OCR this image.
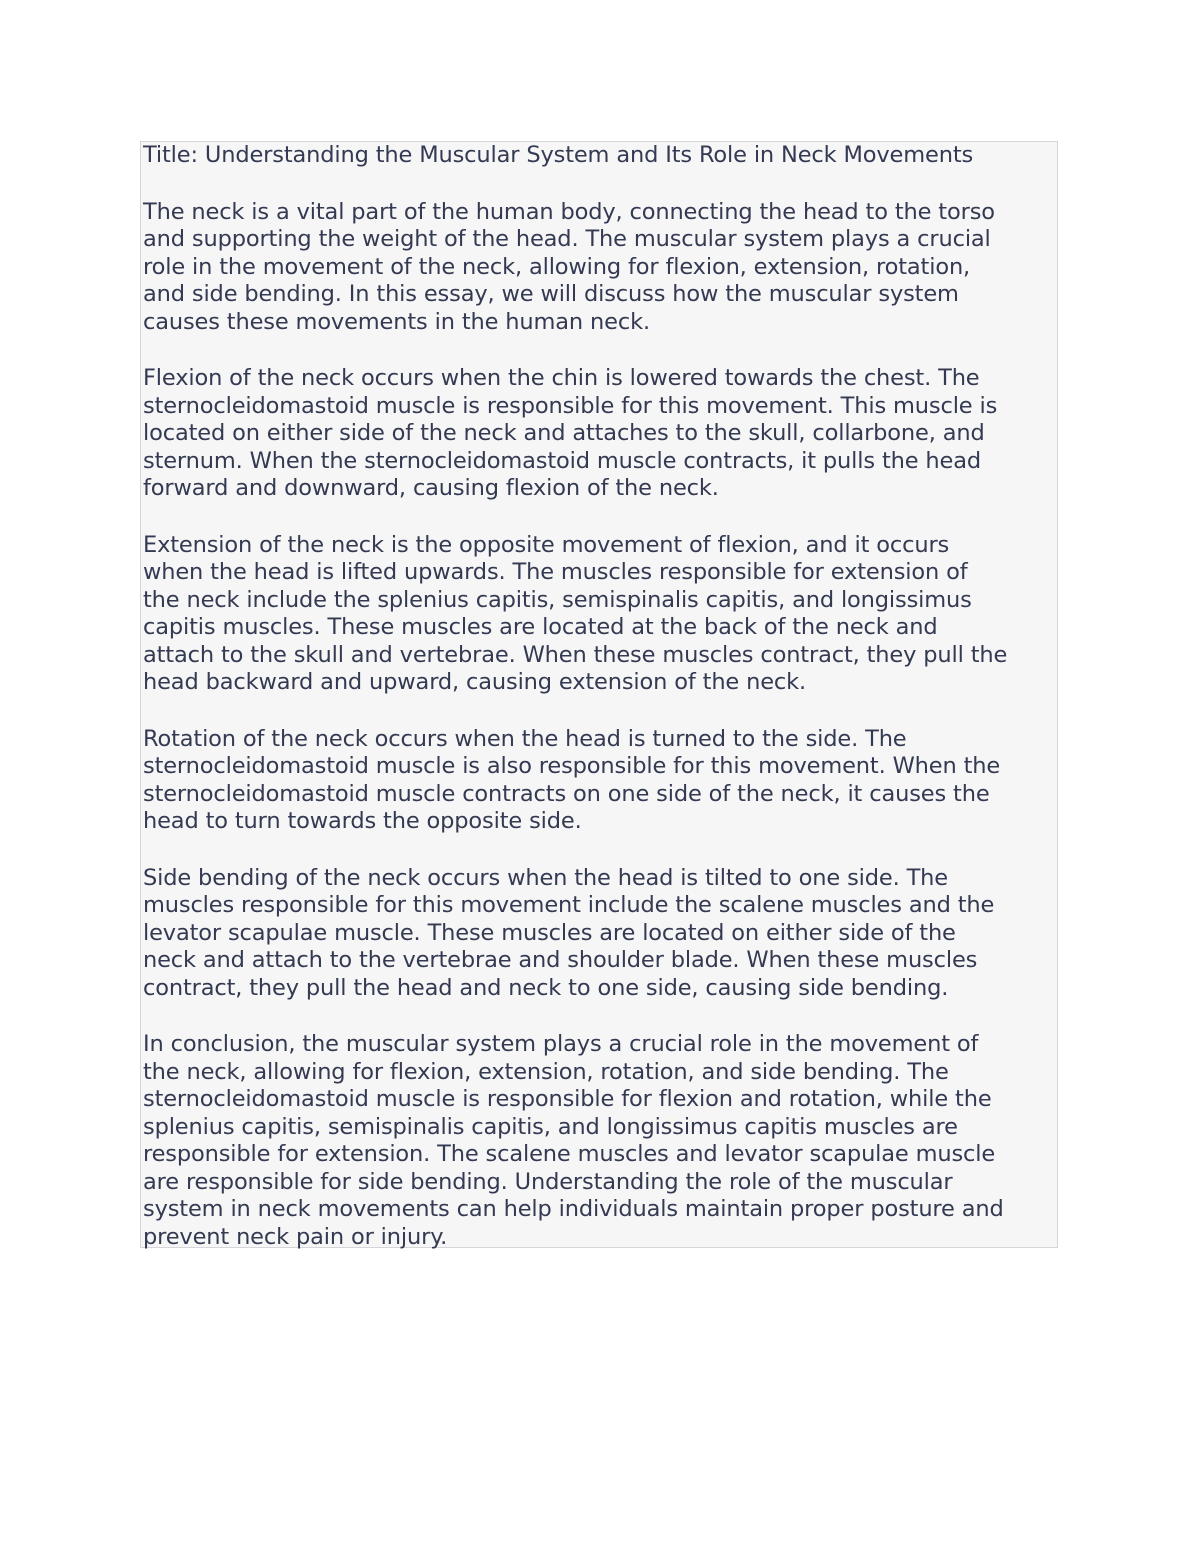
Title: Understanding the Muscular System and Its Role in Neck Movements

The neck is a vital part of the human body, connecting the head to the torso
and supporting the weight of the head. The muscular system plays a crucial
role in the movement of the neck, allowing for flexion, extension, rotation,
and side bending. In this essay, we will discuss how the muscular system
causes these movements in the human neck.

Flexion of the neck occurs when the chin is lowered towards the chest. The
sternocleidomastoid muscle is responsible for this movement. This muscle is
located on either side of the neck and attaches to the skull, collarbone, and
sternum. When the sternocleidomastoid muscle contracts, it pulls the head
forward and downward, causing flexion of the neck.

Extension of the neck is the opposite movement of flexion, and it occurs
when the head is lifted upwards. The muscles responsible for extension of
the neck include the splenius capitis, semispinalis capitis, and longissimus
capitis muscles. These muscles are located at the back of the neck and
attach to the skull and vertebrae. When these muscles contract, they pull the
head backward and upward, causing extension of the neck.

Rotation of the neck occurs when the head is turned to the side. The
sternocleidomastoid muscle is also responsible for this movement. When the
sternocleidomastoid muscle contracts on one side of the neck, it causes the
head to turn towards the opposite side.

Side bending of the neck occurs when the head is tilted to one side. The
muscles responsible for this movement include the scalene muscles and the
levator scapulae muscle. These muscles are located on either side of the
neck and attach to the vertebrae and shoulder blade. When these muscles
contract, they pull the head and neck to one side, causing side bending.

In conclusion, the muscular system plays a crucial role in the movement of
the neck, allowing for flexion, extension, rotation, and side bending. The
sternocleidomastoid muscle is responsible for flexion and rotation, while the
splenius capitis, semispinalis capitis, and longissimus capitis muscles are
responsible for extension. The scalene muscles and levator scapulae muscle
are responsible for side bending. Understanding the role of the muscular
system in neck movements can help individuals maintain proper posture and
prevent neck pain or injury.
